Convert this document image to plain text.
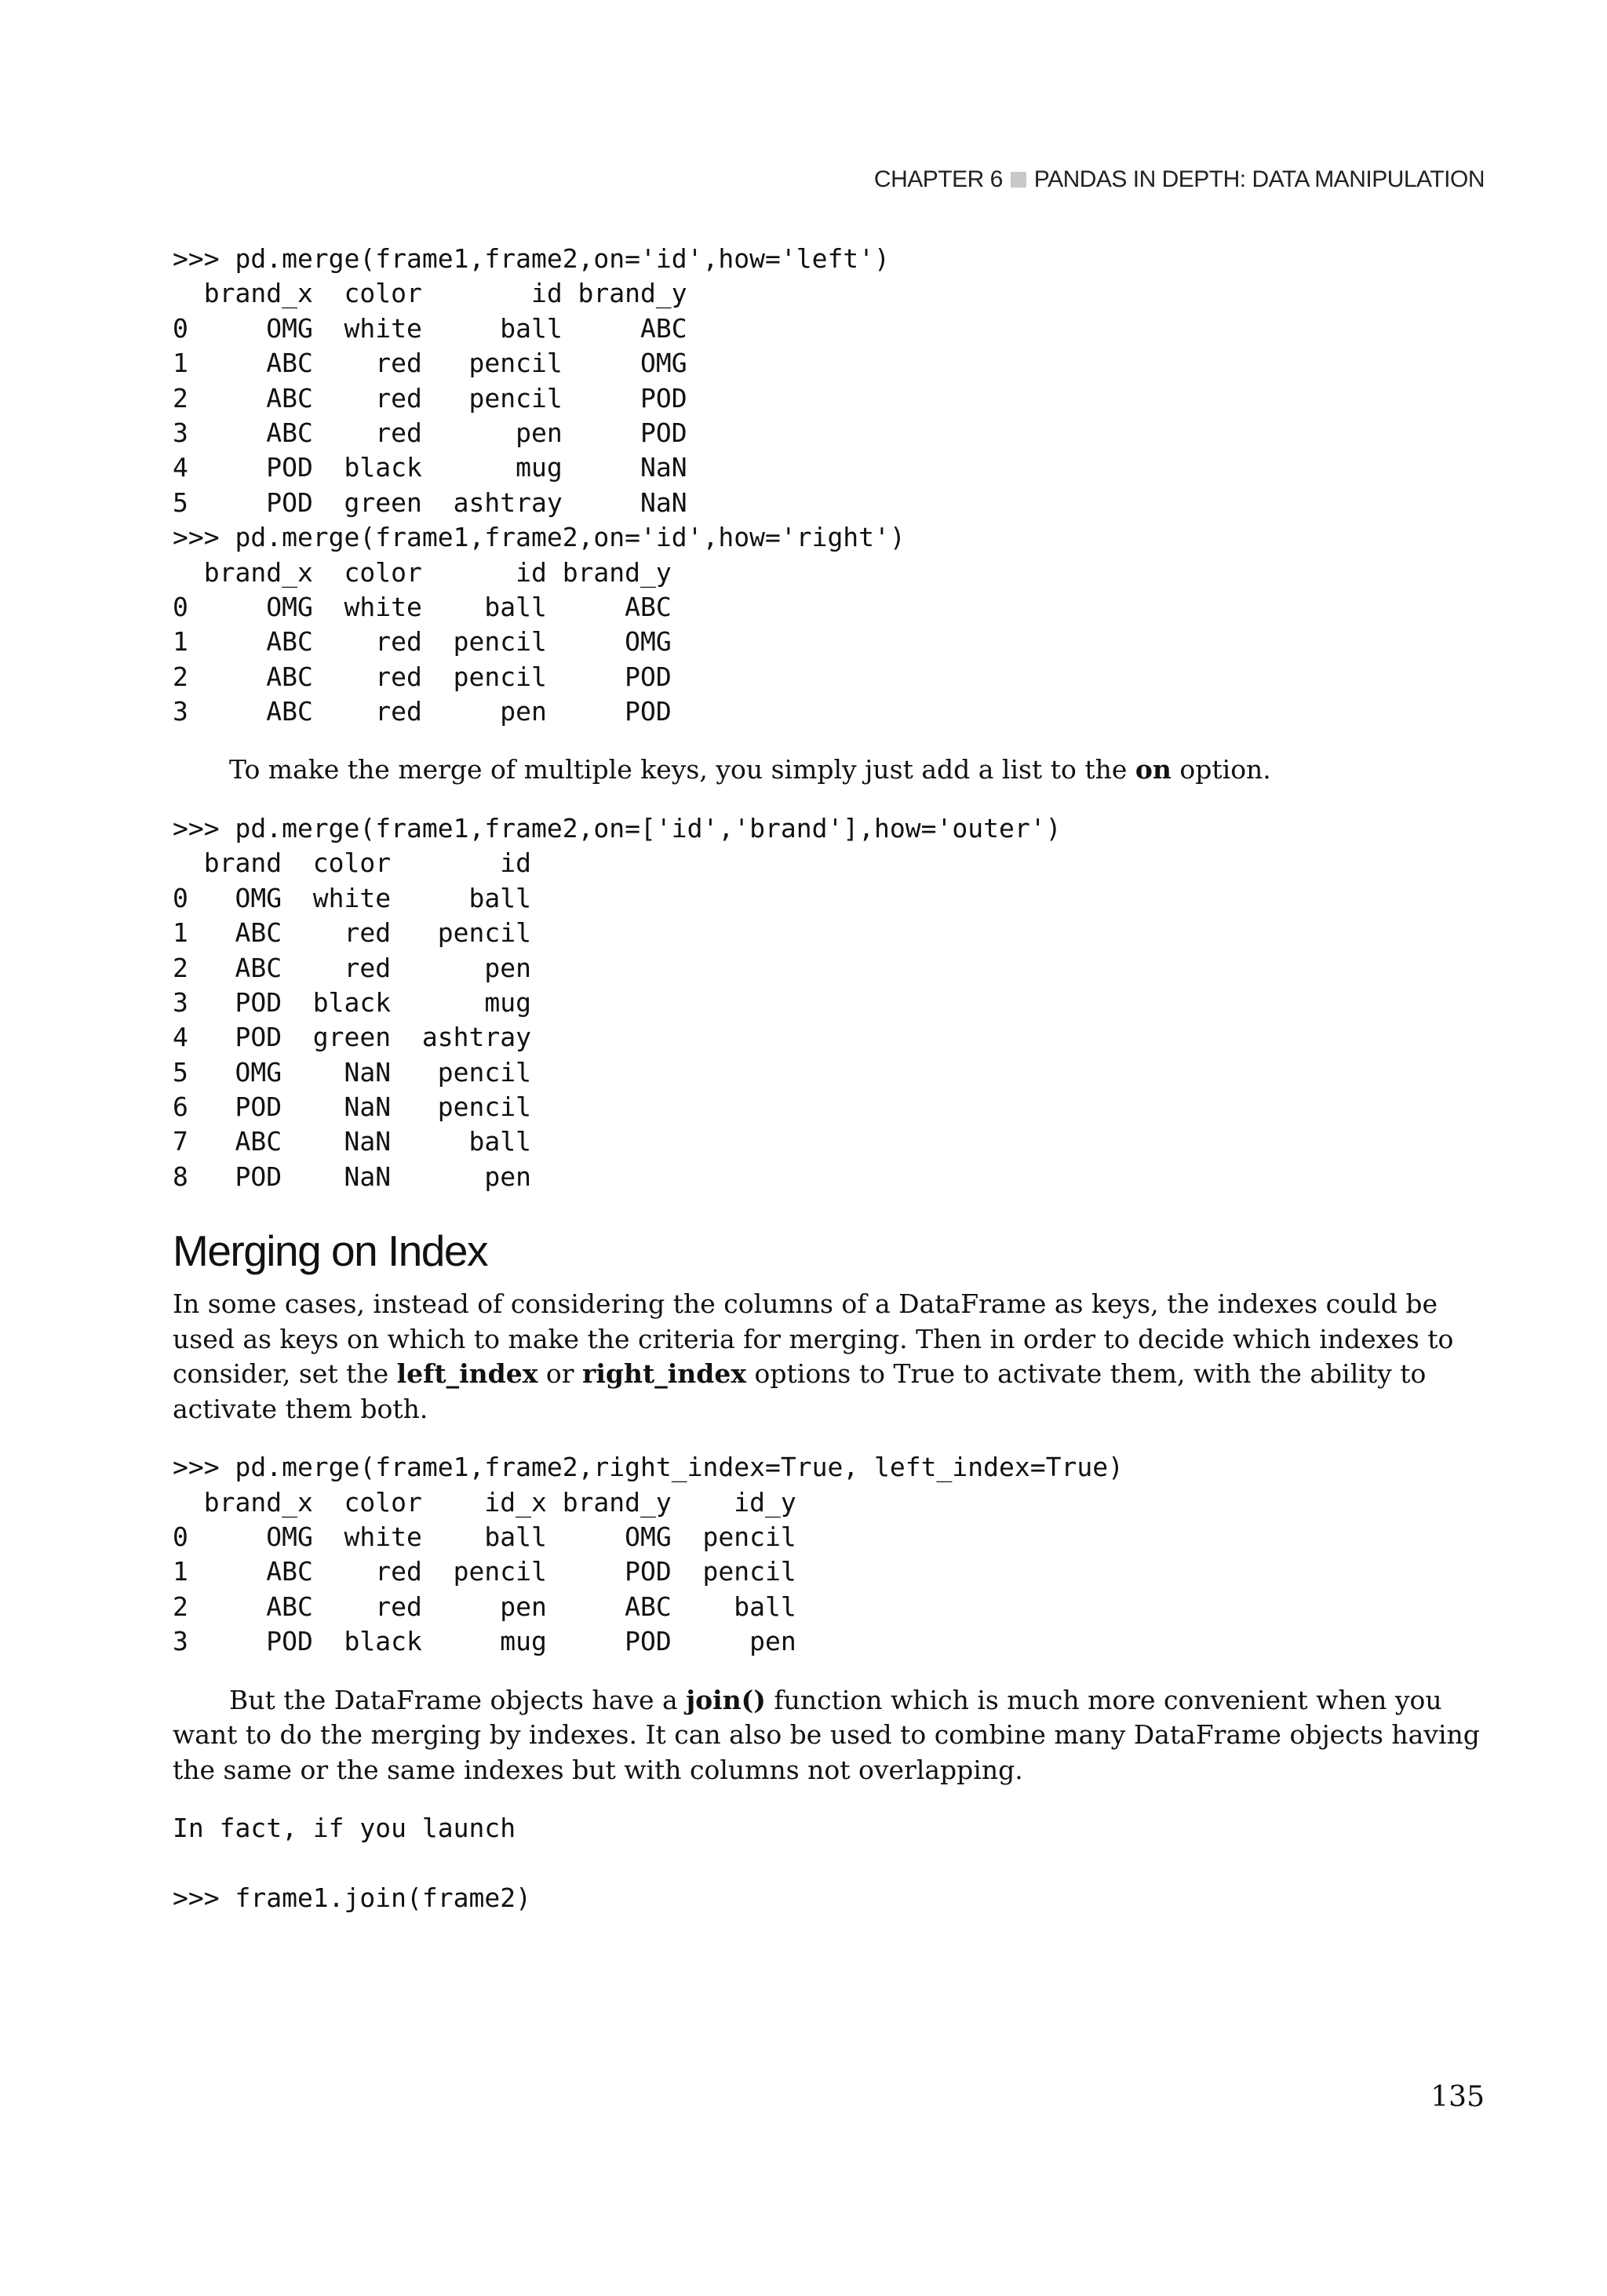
CHAPTER 6 PANDAS IN DEPTH: DATA MANIPULATION
>>> pd.merge(frame1,frame2,on='id',how='left')
brand_x  color       id brand_y
0     OMG  white     ball     ABC
1     ABC    red   pencil     OMG
2     ABC    red   pencil     POD
3     ABC    red      pen     POD
4     POD  black      mug     NaN
5     POD  green  ashtray     NaN
>>> pd.merge(frame1,frame2,on='id',how='right')
brand_x  color      id brand_y
0     OMG  white    ball     ABC
1     ABC    red  pencil     OMG
2     ABC    red  pencil     POD
3     ABC    red     pen     POD

To make the merge of multiple keys, you simply just add a list to the on option.

>>> pd.merge(frame1,frame2,on=['id','brand'],how='outer')
brand  color       id
0   OMG  white     ball
1   ABC    red   pencil
2   ABC    red      pen
3   POD  black      mug
4   POD  green  ashtray
5   OMG    NaN   pencil
6   POD    NaN   pencil
7   ABC    NaN     ball
8   POD    NaN      pen
Merging on Index

In some cases, instead of considering the columns of a DataFrame as keys, the indexes could be used as keys on which to make the criteria for merging. Then in order to decide which indexes to consider, set the left_index or right_index options to True to activate them, with the ability to activate them both.

>>> pd.merge(frame1,frame2,right_index=True, left_index=True)
brand_x  color    id_x brand_y    id_y
0     OMG  white    ball     OMG  pencil
1     ABC    red  pencil     POD  pencil
2     ABC    red     pen     ABC    ball
3     POD  black     mug     POD     pen

But the DataFrame objects have a join() function which is much more convenient when you want to do the merging by indexes. It can also be used to combine many DataFrame objects having the same or the same indexes but with columns not overlapping.

In fact, if you launch
>>> frame1.join(frame2)
135
